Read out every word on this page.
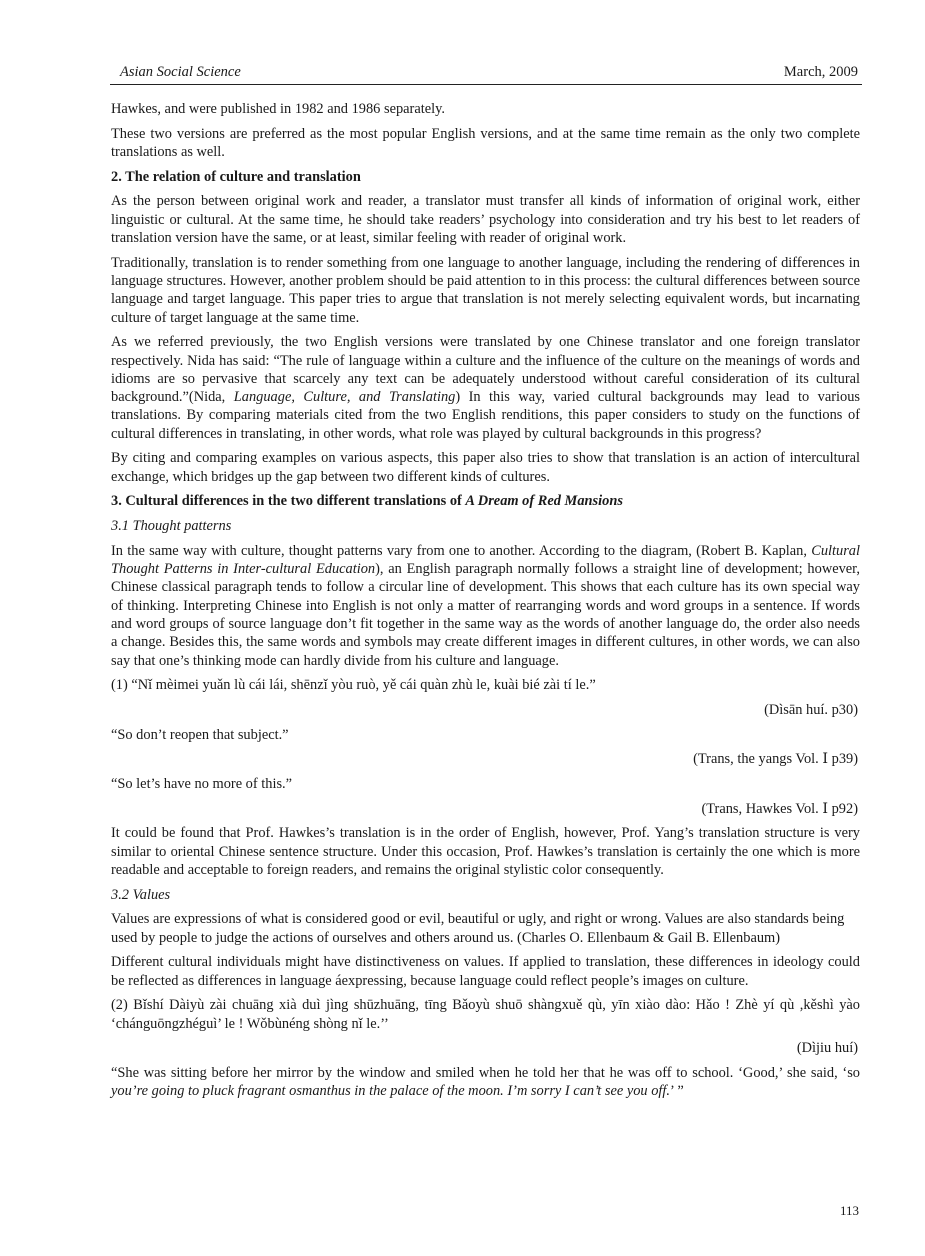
Asian Social Science	March, 2009

Hawkes, and were published in 1982 and 1986 separately.

These two versions are preferred as the most popular English versions, and at the same time remain as the only two complete translations as well.

2. The relation of culture and translation

As the person between original work and reader, a translator must transfer all kinds of information of original work, either linguistic or cultural. At the same time, he should take readers’ psychology into consideration and try his best to let readers of translation version have the same, or at least, similar feeling with reader of original work.

Traditionally, translation is to render something from one language to another language, including the rendering of differences in language structures. However, another problem should be paid attention to in this process: the cultural differences between source language and target language. This paper tries to argue that translation is not merely selecting equivalent words, but incarnating culture of target language at the same time.

As we referred previously, the two English versions were translated by one Chinese translator and one foreign translator respectively. Nida has said: “The rule of language within a culture and the influence of the culture on the meanings of words and idioms are so pervasive that scarcely any text can be adequately understood without careful consideration of its cultural background.”(Nida, Language, Culture, and Translating) In this way, varied cultural backgrounds may lead to various translations. By comparing materials cited from the two English renditions, this paper considers to study on the functions of cultural differences in translating, in other words, what role was played by cultural backgrounds in this progress?

By citing and comparing examples on various aspects, this paper also tries to show that translation is an action of intercultural exchange, which bridges up the gap between two different kinds of cultures.

3. Cultural differences in the two different translations of A Dream of Red Mansions
3.1 Thought patterns

In the same way with culture, thought patterns vary from one to another. According to the diagram, (Robert B. Kaplan, Cultural Thought Patterns in Inter-cultural Education), an English paragraph normally follows a straight line of development; however, Chinese classical paragraph tends to follow a circular line of development. This shows that each culture has its own special way of thinking. Interpreting Chinese into English is not only a matter of rearranging words and word groups in a sentence. If words and word groups of source language don’t fit together in the same way as the words of another language do, the order also needs a change. Besides this, the same words and symbols may create different images in different cultures, in other words, we can also say that one’s thinking mode can hardly divide from his culture and language.

(1) “Nǐ mèimei yuǎn lù cái lái, shēnzǐ yòu ruò, yě cái quàn zhù le, kuài bié zài tí le.”

(Dìsān huí. p30)

“So don’t reopen that subject.”

(Trans, the yangs Vol. Ⅰ p39)

“So let’s have no more of this.”

(Trans, Hawkes Vol. Ⅰ p92)

It could be found that Prof. Hawkes’s translation is in the order of English, however, Prof. Yang’s translation structure is very similar to oriental Chinese sentence structure. Under this occasion, Prof. Hawkes’s translation is certainly the one which is more readable and acceptable to foreign readers, and remains the original stylistic color consequently.

3.2 Values

Values are expressions of what is considered good or evil, beautiful or ugly, and right or wrong. Values are also standards being used by people to judge the actions of ourselves and others around us. (Charles O. Ellenbaum & Gail B. Ellenbaum)

Different cultural individuals might have distinctiveness on values. If applied to translation, these differences in ideology could be reflected as differences in language áexpressing, because language could reflect people’s images on culture.

(2) Bǐshí Dàiyù zài chuāng xià duì jìng shūzhuāng, tīng Bǎoyù shuō shàngxuě qù, yīn xiào dào: Hǎo ! Zhè yí qù ,kěshì yào ‘chánguōngzhéguì’ le ! Wǒbùnéng shòng nǐ le.’’

(Dìjiu huí)

“She was sitting before her mirror by the window and smiled when he told her that he was off to school. ‘Good,’ she said, ‘so you’re going to pluck fragrant osmanthus in the palace of the moon. I’m sorry I can’t see you off.’ ”

113
